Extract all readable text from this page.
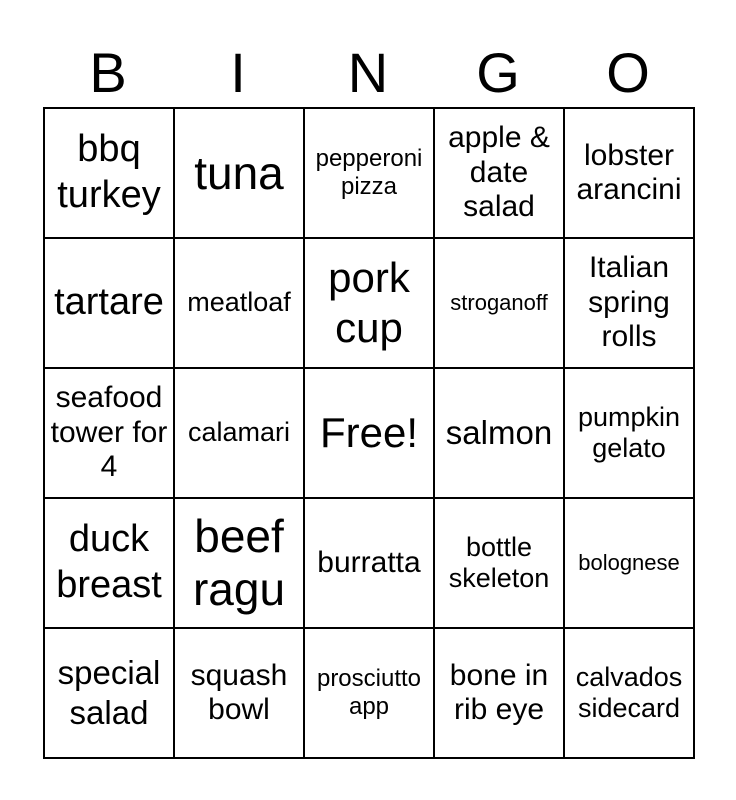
B	I	N	G	O
bbq turkey	tuna	pepperoni pizza	apple & date salad	lobster arancini

tartare	meatloaf	pork cup	stroganoff	Italian spring rolls

seafood tower for 4	calamari	Free!	salmon	pumpkin gelato

duck breast	beef ragu	burratta	bottle skeleton	bolognese

special salad	squash bowl	prosciutto app	bone in rib eye	calvados sidecard
